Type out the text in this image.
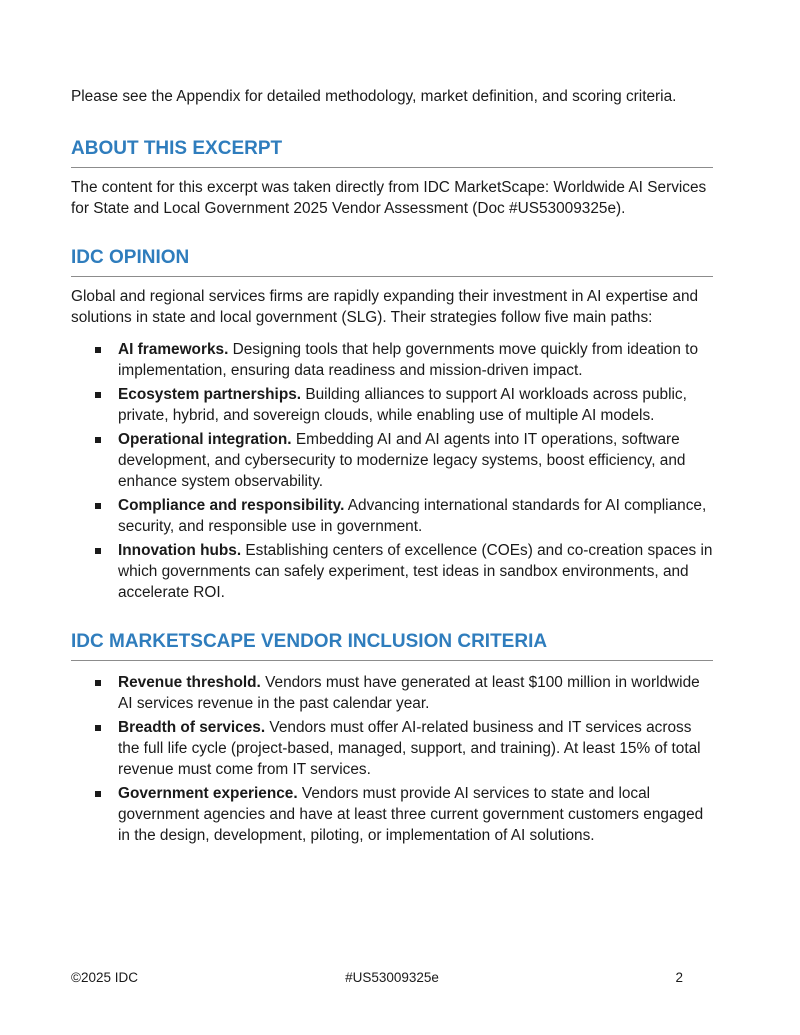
Please see the Appendix for detailed methodology, market definition, and scoring criteria.

ABOUT THIS EXCERPT

The content for this excerpt was taken directly from IDC MarketScape: Worldwide AI Services for State and Local Government 2025 Vendor Assessment (Doc #US53009325e).

IDC OPINION

Global and regional services firms are rapidly expanding their investment in AI expertise and solutions in state and local government (SLG). Their strategies follow five main paths:

AI frameworks. Designing tools that help governments move quickly from ideation to implementation, ensuring data readiness and mission-driven impact.
Ecosystem partnerships. Building alliances to support AI workloads across public, private, hybrid, and sovereign clouds, while enabling use of multiple AI models.
Operational integration. Embedding AI and AI agents into IT operations, software development, and cybersecurity to modernize legacy systems, boost efficiency, and enhance system observability.
Compliance and responsibility. Advancing international standards for AI compliance, security, and responsible use in government.
Innovation hubs. Establishing centers of excellence (COEs) and co-creation spaces in which governments can safely experiment, test ideas in sandbox environments, and accelerate ROI.
IDC MARKETSCAPE VENDOR INCLUSION CRITERIA
Revenue threshold. Vendors must have generated at least $100 million in worldwide AI services revenue in the past calendar year.
Breadth of services. Vendors must offer AI-related business and IT services across the full life cycle (project-based, managed, support, and training). At least 15% of total revenue must come from IT services.
Government experience. Vendors must provide AI services to state and local government agencies and have at least three current government customers engaged in the design, development, piloting, or implementation of AI solutions.
©2025 IDC	#US53009325e	2
